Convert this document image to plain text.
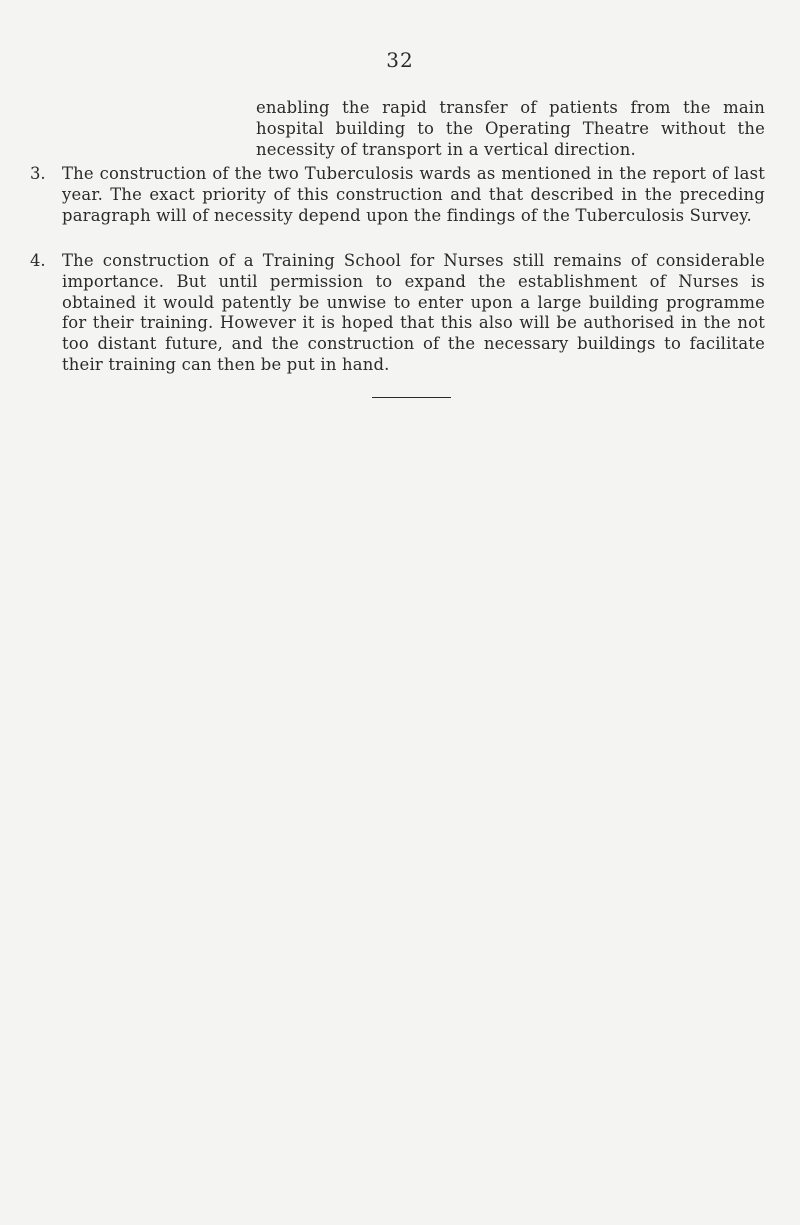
32
enabling the rapid transfer of patients from the main hospital building to the Operating Theatre without the necessity of transport in a vertical direction.
3. The construction of the two Tuberculosis wards as mentioned in the report of last year. The exact priority of this construction and that described in the preceding paragraph will of necessity depend upon the findings of the Tuberculosis Survey.
4. The construction of a Training School for Nurses still remains of considerable importance. But until permission to expand the establishment of Nurses is obtained it would patently be unwise to enter upon a large building programme for their training. However it is hoped that this also will be authorised in the not too distant future, and the construction of the necessary buildings to facilitate their training can then be put in hand.
